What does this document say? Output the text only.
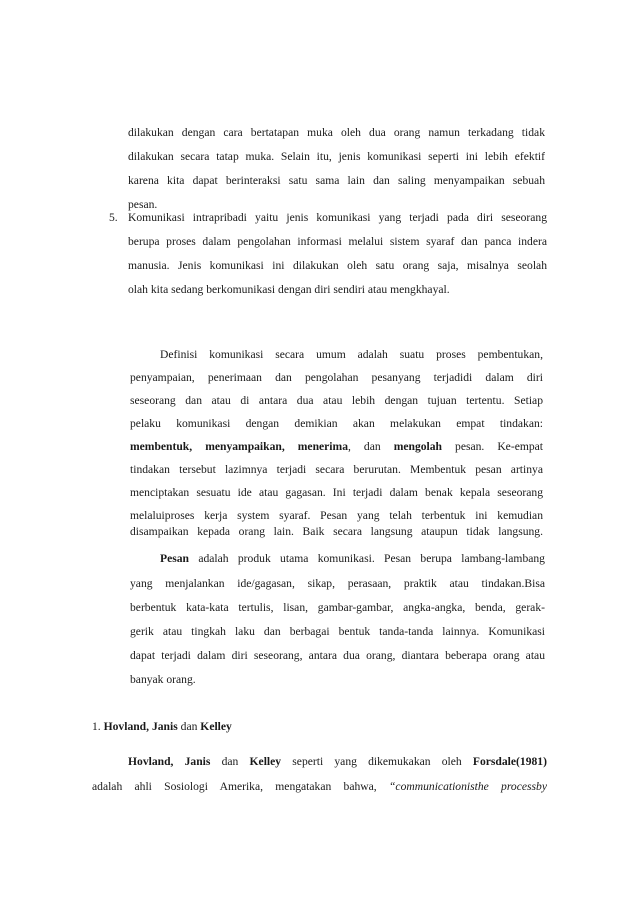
dilakukan dengan cara bertatapan muka oleh dua orang namun terkadang tidak
dilakukan secara tatap muka. Selain itu, jenis komunikasi seperti ini lebih efektif
karena kita dapat berinteraksi satu sama lain dan saling menyampaikan sebuah
pesan.
5. Komunikasi intrapribadi yaitu jenis komunikasi yang terjadi pada diri seseorang
berupa proses dalam pengolahan informasi melalui sistem syaraf dan panca indera
manusia. Jenis komunikasi ini dilakukan oleh satu orang saja, misalnya seolah
olah kita sedang berkomunikasi dengan diri sendiri atau mengkhayal.
Definisi komunikasi secara umum adalah suatu proses pembentukan,
penyampaian, penerimaan dan pengolahan pesanyang terjadidi dalam diri
seseorang dan atau di antara dua atau lebih dengan tujuan tertentu. Setiap
pelaku komunikasi dengan demikian akan melakukan empat tindakan:
membentuk, menyampaikan, menerima, dan mengolah pesan. Ke-empat
tindakan tersebut lazimnya terjadi secara berurutan. Membentuk pesan artinya
menciptakan sesuatu ide atau gagasan. Ini terjadi dalam benak kepala seseorang
melaluiproses kerja system syaraf. Pesan yang telah terbentuk ini kemudian
disampaikan kepada orang lain. Baik secara langsung ataupun tidak langsung.
Pesan adalah produk utama komunikasi. Pesan berupa lambang-lambang
yang menjalankan ide/gagasan, sikap, perasaan, praktik atau tindakan.Bisa
berbentuk kata-kata tertulis, lisan, gambar-gambar, angka-angka, benda, gerak-
gerik atau tingkah laku dan berbagai bentuk tanda-tanda lainnya. Komunikasi
dapat terjadi dalam diri seseorang, antara dua orang, diantara beberapa orang atau
banyak orang.
1. Hovland, Janis dan Kelley
Hovland, Janis dan Kelley seperti yang dikemukakan oleh Forsdale(1981)
adalah ahli Sosiologi Amerika, mengatakan bahwa, “communicationisthe processby
